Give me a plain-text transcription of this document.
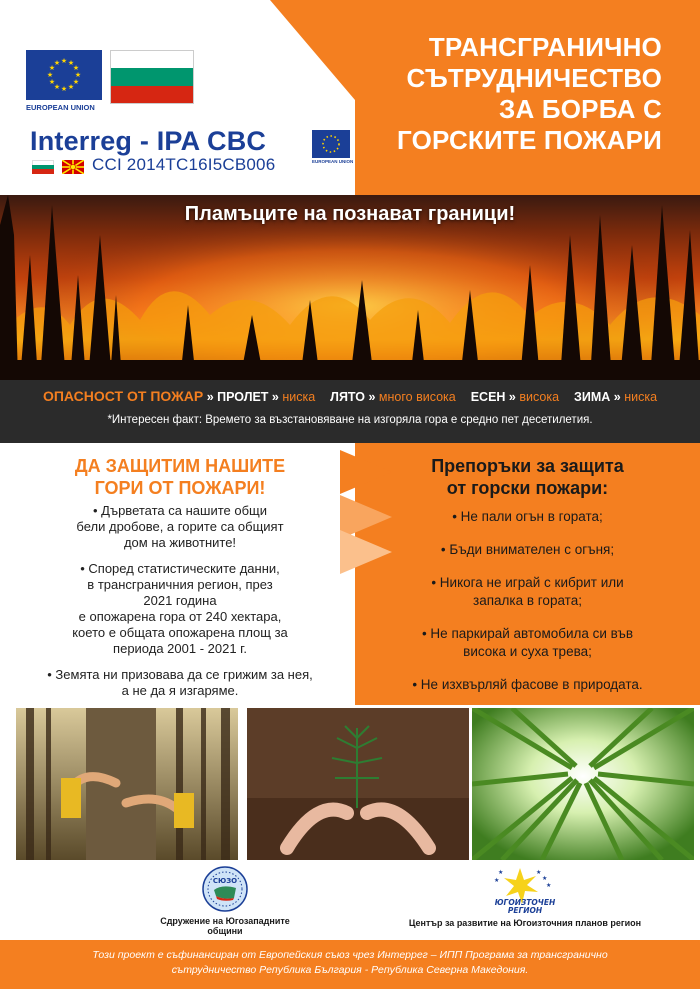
ТРАНСГРАНИЧНО
СЪТРУДНИЧЕСТВО
ЗА БОРБА С
ГОРСКИТЕ ПОЖАРИ
★ ★
★
★
★
★
★
★
★
★
★
★
EUROPEAN UNION
Interreg - IPA CBC
EUROPEAN UNION
CCI 2014TC16I5CB006
Пламъците на познават граници!
ОПАСНОСТ ОТ ПОЖАР » ПРОЛЕТ » ниска ЛЯТО » много висока ЕСЕН » висока ЗИМА » ниска
*Интересен факт: Времето за възстановяване на изгоряла гора е средно пет десетилетия.
ДА ЗАЩИТИМ НАШИТЕ
ГОРИ ОТ ПОЖАРИ!
• Дърветата са нашите общи
бели дробове, а горите са общият
дом на животните!
• Според статистическите данни,
в трансграничния регион, през
2021 година
е опожарена гора от 240 хектара,
което е общата опожарена площ за
периода 2001 - 2021 г.
• Земята ни призовава да се грижим за нея,
а не да я изгаряме.
Препоръки за защита
от горски пожари:
• Не пали огън в гората;
• Бъди внимателен с огъня;
• Никога не играй с кибрит или
запалка в гората;
• Не паркирай автомобила си във
висока и суха трева;
• Не изхвърляй фасове в природата.
СЮЗО
Сдружение на Югозападните общини
★
★
★
★
★
ЮГОИЗТОЧЕН
РЕГИОН
Център за развитие на Югоизточния планов регион
Този проект е съфинансиран от Европейския съюз чрез Интеррег – ИПП Програма за трансгранично
сътрудничество Република България - Република Северна Македония.
